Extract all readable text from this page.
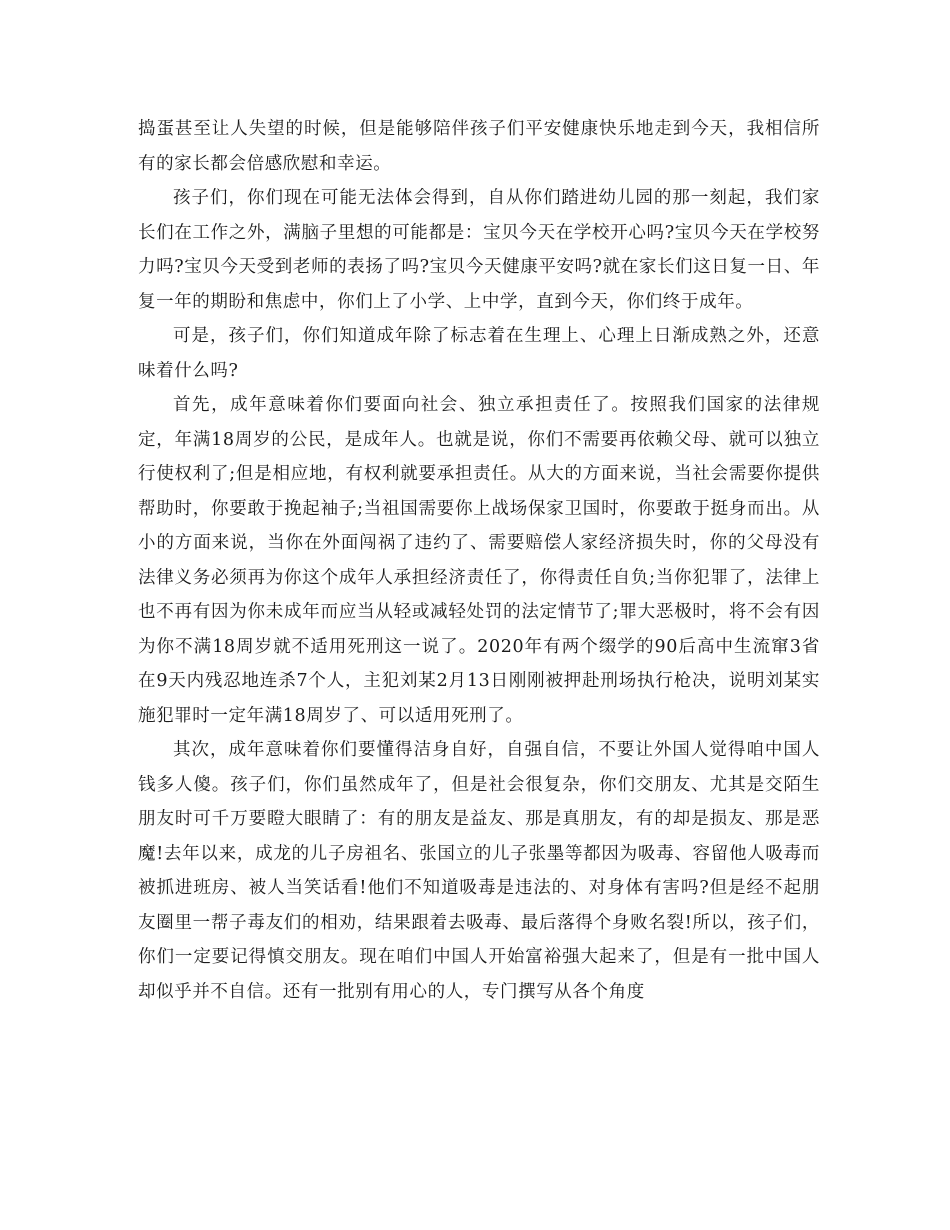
捣蛋甚至让人失望的时候，但是能够陪伴孩子们平安健康快乐地走到今天，我相信所有的家长都会倍感欣慰和幸运。

孩子们，你们现在可能无法体会得到，自从你们踏进幼儿园的那一刻起，我们家长们在工作之外，满脑子里想的可能都是：宝贝今天在学校开心吗?宝贝今天在学校努力吗?宝贝今天受到老师的表扬了吗?宝贝今天健康平安吗?就在家长们这日复一日、年复一年的期盼和焦虑中，你们上了小学、上中学，直到今天，你们终于成年。

可是，孩子们，你们知道成年除了标志着在生理上、心理上日渐成熟之外，还意味着什么吗?

首先，成年意味着你们要面向社会、独立承担责任了。按照我们国家的法律规定，年满18周岁的公民，是成年人。也就是说，你们不需要再依赖父母、就可以独立行使权利了;但是相应地，有权利就要承担责任。从大的方面来说，当社会需要你提供帮助时，你要敢于挽起袖子;当祖国需要你上战场保家卫国时，你要敢于挺身而出。从小的方面来说，当你在外面闯祸了违约了、需要赔偿人家经济损失时，你的父母没有法律义务必须再为你这个成年人承担经济责任了，你得责任自负;当你犯罪了，法律上也不再有因为你未成年而应当从轻或减轻处罚的法定情节了;罪大恶极时，将不会有因为你不满18周岁就不适用死刑这一说了。2020年有两个缀学的90后高中生流窜3省在9天内残忍地连杀7个人，主犯刘某2月13日刚刚被押赴刑场执行枪决，说明刘某实施犯罪时一定年满18周岁了、可以适用死刑了。

其次，成年意味着你们要懂得洁身自好，自强自信，不要让外国人觉得咱中国人钱多人傻。孩子们，你们虽然成年了，但是社会很复杂，你们交朋友、尤其是交陌生朋友时可千万要瞪大眼睛了：有的朋友是益友、那是真朋友，有的却是损友、那是恶魔!去年以来，成龙的儿子房祖名、张国立的儿子张墨等都因为吸毒、容留他人吸毒而被抓进班房、被人当笑话看!他们不知道吸毒是违法的、对身体有害吗?但是经不起朋友圈里一帮子毒友们的相劝，结果跟着去吸毒、最后落得个身败名裂!所以，孩子们，你们一定要记得慎交朋友。现在咱们中国人开始富裕强大起来了，但是有一批中国人却似乎并不自信。还有一批别有用心的人，专门撰写从各个角度
